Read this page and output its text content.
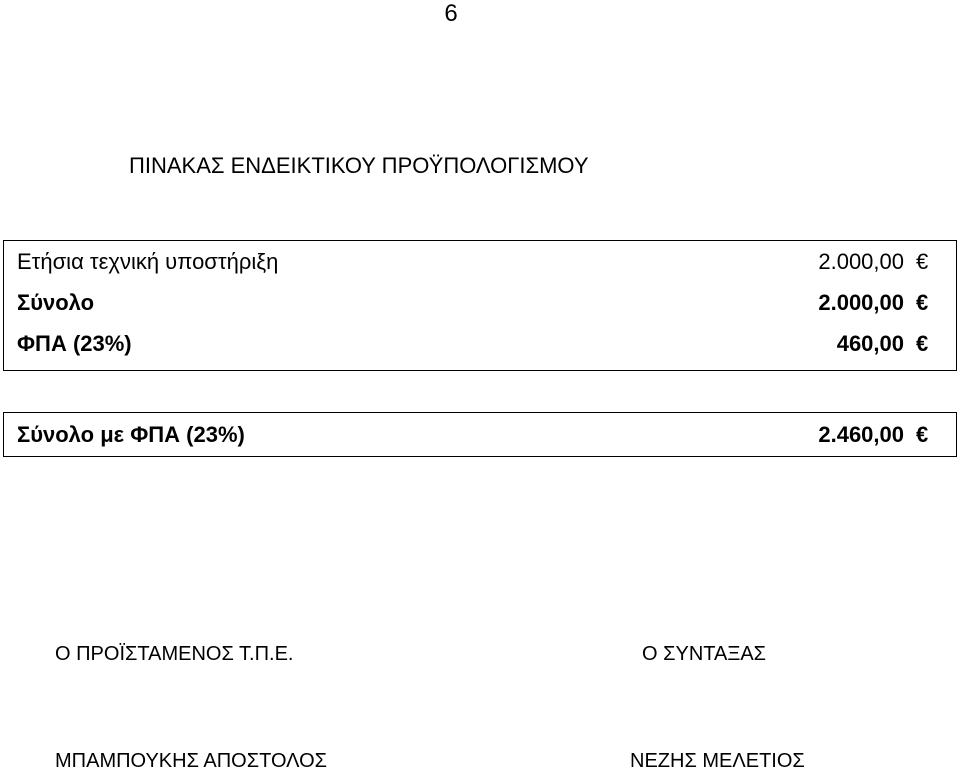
6
ΠΙΝΑΚΑΣ ΕΝΔΕΙΚΤΙΚΟΥ ΠΡΟΫΠΟΛΟΓΙΣΜΟΥ
Ετήσια τεχνική υποστήριξη	2.000,00 €
Σύνολο	2.000,00 €
ΦΠΑ (23%)	460,00 €
Σύνολο με ΦΠΑ (23%)	2.460,00 €
Ο ΠΡΟΪΣΤΑΜΕΝΟΣ Τ.Π.Ε.	Ο ΣΥΝΤΑΞΑΣ
ΜΠΑΜΠΟΥΚΗΣ ΑΠΟΣΤΟΛΟΣ	ΝΕΖΗΣ ΜΕΛΕΤΙΟΣ
